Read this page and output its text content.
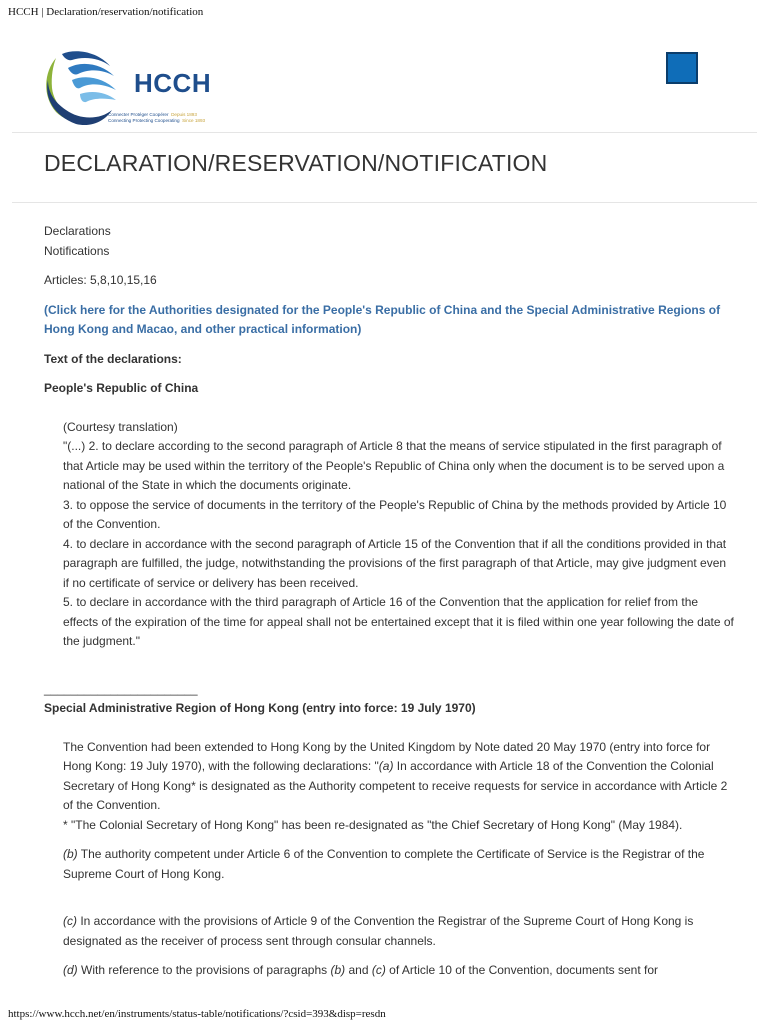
HCCH | Declaration/reservation/notification
HCCH
Connecter Protéger Coopérer Depuis 1893
Connecting Protecting Cooperating Since 1893
DECLARATION/RESERVATION/NOTIFICATION

Declarations

Notifications

Articles: 5,8,10,15,16

(Click here for the Authorities designated for the People's Republic of China and the Special Administrative Regions of Hong Kong and Macao, and other practical information)

Text of the declarations:

People's Republic of China

(Courtesy translation)

"(...) 2. to declare according to the second paragraph of Article 8 that the means of service stipulated in the first paragraph of that Article may be used within the territory of the People's Republic of China only when the document is to be served upon a national of the State in which the documents originate.

3. to oppose the service of documents in the territory of the People's Republic of China by the methods provided by Article 10 of the Convention.

4. to declare in accordance with the second paragraph of Article 15 of the Convention that if all the conditions provided in that paragraph are fulfilled, the judge, notwithstanding the provisions of the first paragraph of that Article, may give judgment even if no certificate of service or delivery has been received.

5. to declare in accordance with the third paragraph of Article 16 of the Convention that the application for relief from the effects of the expiration of the time for appeal shall not be entertained except that it is filed within one year following the date of the judgment."

_______________________

Special Administrative Region of Hong Kong (entry into force: 19 July 1970)

The Convention had been extended to Hong Kong by the United Kingdom by Note dated 20 May 1970 (entry into force for Hong Kong: 19 July 1970), with the following declarations: "(a) In accordance with Article 18 of the Convention the Colonial Secretary of Hong Kong* is designated as the Authority competent to receive requests for service in accordance with Article 2 of the Convention.

* "The Colonial Secretary of Hong Kong" has been re-designated as "the Chief Secretary of Hong Kong" (May 1984).

(b) The authority competent under Article 6 of the Convention to complete the Certificate of Service is the Registrar of the Supreme Court of Hong Kong.

(c) In accordance with the provisions of Article 9 of the Convention the Registrar of the Supreme Court of Hong Kong is designated as the receiver of process sent through consular channels.

(d) With reference to the provisions of paragraphs (b) and (c) of Article 10 of the Convention, documents sent for

https://www.hcch.net/en/instruments/status-table/notifications/?csid=393&disp=resdn
